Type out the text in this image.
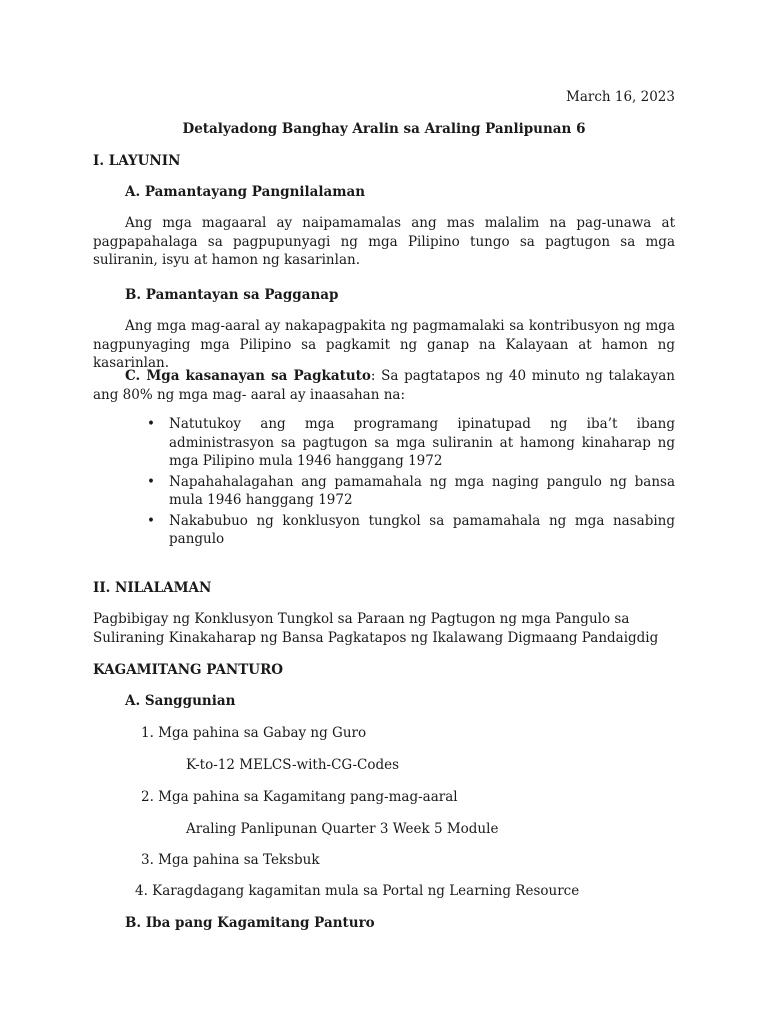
March 16, 2023
Detalyadong Banghay Aralin sa Araling Panlipunan 6
I. LAYUNIN
A. Pamantayang Pangnilalaman
Ang mga magaaral ay naipamamalas ang mas malalim na pag-unawa at pagpapahalaga sa pagpupunyagi ng mga Pilipino tungo sa pagtugon sa mga suliranin, isyu at hamon ng kasarinlan.
B. Pamantayan sa Pagganap
Ang mga mag-aaral ay nakapagpakita ng pagmamalaki sa kontribusyon ng mga nagpunyaging mga Pilipino sa pagkamit ng ganap na Kalayaan at hamon ng kasarinlan.
C. Mga kasanayan sa Pagkatuto: Sa pagtatapos ng 40 minuto ng talakayan ang 80% ng mga mag- aaral ay inaasahan na:
• Natutukoy ang mga programang ipinatupad ng iba’t ibang administrasyon sa pagtugon sa mga suliranin at hamong kinaharap ng mga Pilipino mula 1946 hanggang 1972
• Napahahalagahan ang pamamahala ng mga naging pangulo ng bansa mula 1946 hanggang 1972
• Nakabubuo ng konklusyon tungkol sa pamamahala ng mga nasabing pangulo
II. NILALAMAN
Pagbibigay ng Konklusyon Tungkol sa Paraan ng Pagtugon ng mga Pangulo sa Suliraning Kinakaharap ng Bansa Pagkatapos ng Ikalawang Digmaang Pandaigdig
KAGAMITANG PANTURO
A. Sanggunian
1. Mga pahina sa Gabay ng Guro
K-to-12 MELCS-with-CG-Codes
2. Mga pahina sa Kagamitang pang-mag-aaral
Araling Panlipunan Quarter 3 Week 5 Module
3. Mga pahina sa Teksbuk
4. Karagdagang kagamitan mula sa Portal ng Learning Resource
B. Iba pang Kagamitang Panturo
